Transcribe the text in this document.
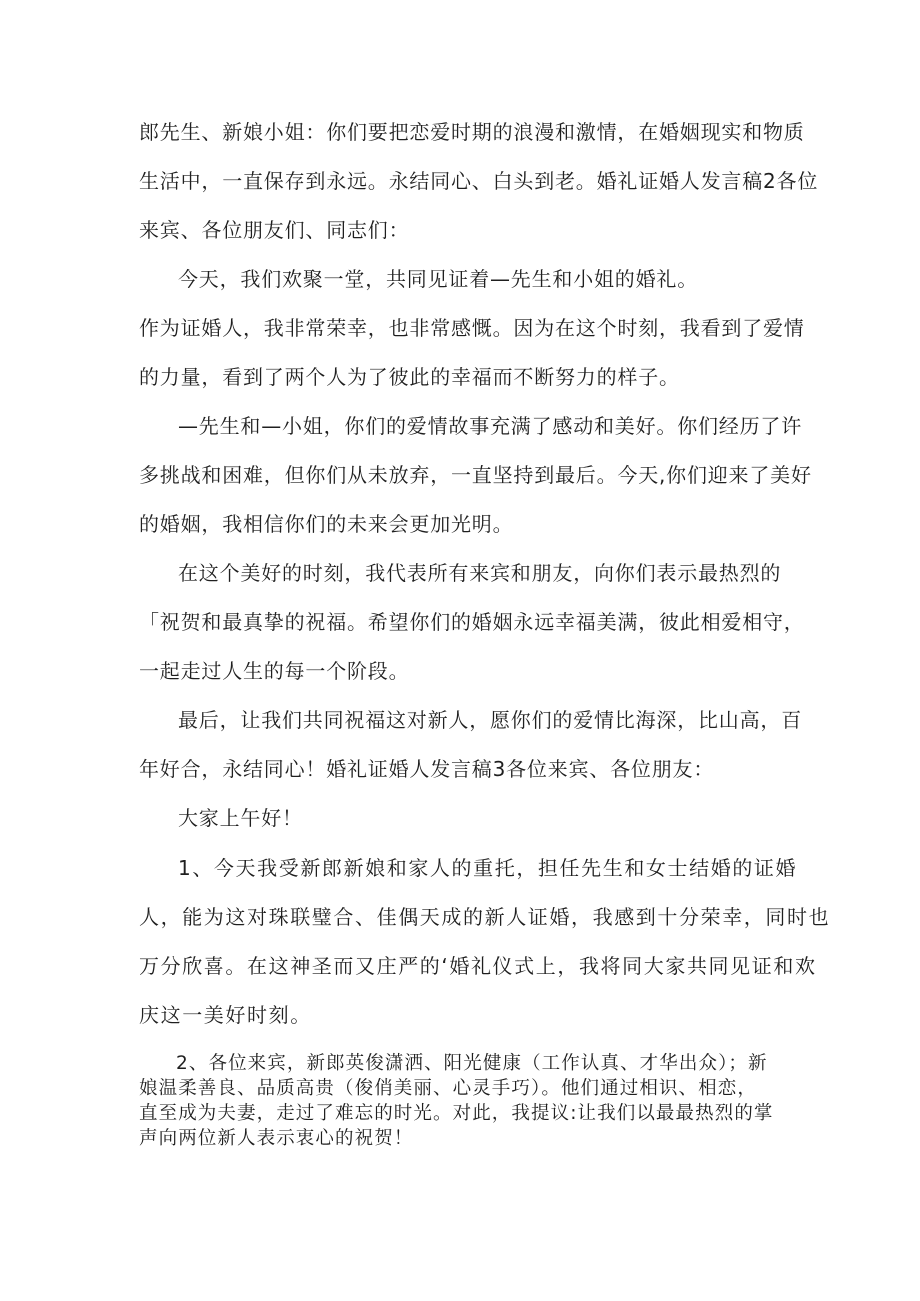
郎先生、新娘小姐：你们要把恋爱时期的浪漫和激情，在婚姻现实和物质
生活中，一直保存到永远。永结同心、白头到老。婚礼证婚人发言稿2各位
来宾、各位朋友们、同志们：
今天，我们欢聚一堂，共同见证着—先生和小姐的婚礼。
作为证婚人，我非常荣幸，也非常感慨。因为在这个时刻，我看到了爱情
的力量，看到了两个人为了彼此的幸福而不断努力的样子。
—先生和—小姐，你们的爱情故事充满了感动和美好。你们经历了许
多挑战和困难，但你们从未放弃，一直坚持到最后。今天,你们迎来了美好
的婚姻，我相信你们的未来会更加光明。
在这个美好的时刻，我代表所有来宾和朋友，向你们表示最热烈的
「祝贺和最真挚的祝福。希望你们的婚姻永远幸福美满，彼此相爱相守，
一起走过人生的每一个阶段。
最后，让我们共同祝福这对新人，愿你们的爱情比海深，比山高，百
年好合，永结同心！婚礼证婚人发言稿3各位来宾、各位朋友：
大家上午好！
1、今天我受新郎新娘和家人的重托，担任先生和女士结婚的证婚
人，能为这对珠联璧合、佳偶天成的新人证婚，我感到十分荣幸，同时也
万分欣喜。在这神圣而又庄严的‘婚礼仪式上，我将同大家共同见证和欢
庆这一美好时刻。
2、各位来宾，新郎英俊潇洒、阳光健康（工作认真、才华出众）；新
娘温柔善良、品质高贵（俊俏美丽、心灵手巧）。他们通过相识、相恋，
直至成为夫妻，走过了难忘的时光。对此，我提议:让我们以最最热烈的掌
声向两位新人表示衷心的祝贺！
